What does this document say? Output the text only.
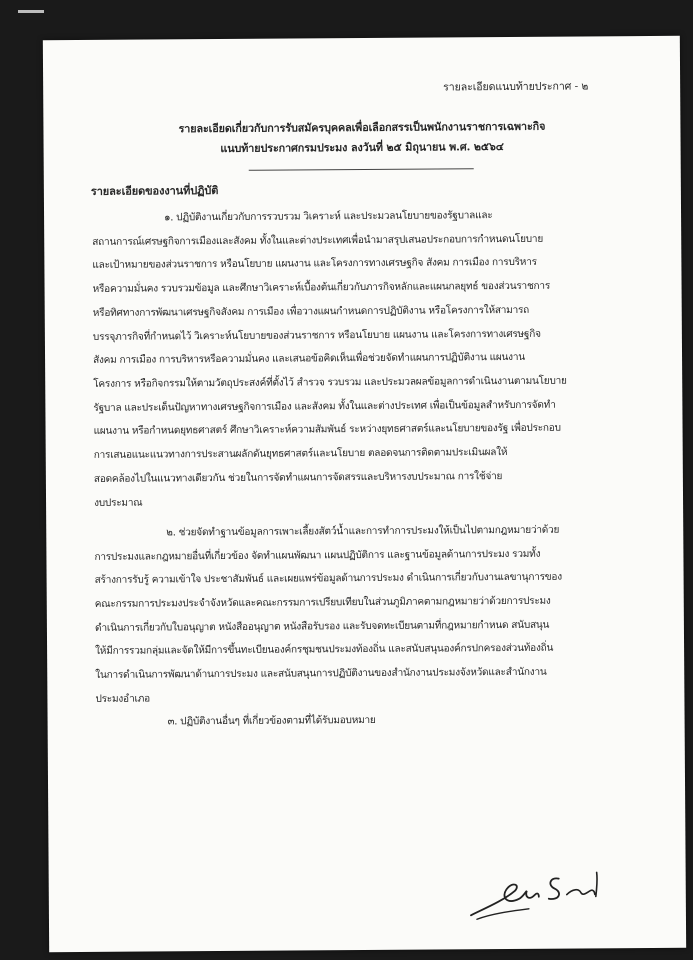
รายละเอียดแนบท้ายประกาศ - ๒
รายละเอียดเกี่ยวกับการรับสมัครบุคคลเพื่อเลือกสรรเป็นพนักงานราชการเฉพาะกิจ
แนบท้ายประกาศกรมประมง ลงวันที่ ๒๕ มิถุนายน พ.ศ. ๒๕๖๔
รายละเอียดของงานที่ปฏิบัติ
๑. ปฏิบัติงานเกี่ยวกับการรวบรวม วิเคราะห์ และประมวลนโยบายของรัฐบาลและ
สถานการณ์เศรษฐกิจการเมืองและสังคม ทั้งในและต่างประเทศเพื่อนำมาสรุปเสนอประกอบการกำหนดนโยบาย
และเป้าหมายของส่วนราชการ หรือนโยบาย แผนงาน และโครงการทางเศรษฐกิจ สังคม การเมือง การบริหาร
หรือความมั่นคง รวบรวมข้อมูล และศึกษาวิเคราะห์เบื้องต้นเกี่ยวกับภารกิจหลักและแผนกลยุทธ์ ของส่วนราชการ
หรือทิศทางการพัฒนาเศรษฐกิจสังคม การเมือง เพื่อวางแผนกำหนดการปฏิบัติงาน หรือโครงการให้สามารถ
บรรจุภารกิจที่กำหนดไว้ วิเคราะห์นโยบายของส่วนราชการ หรือนโยบาย แผนงาน และโครงการทางเศรษฐกิจ
สังคม การเมือง การบริหารหรือความมั่นคง และเสนอข้อคิดเห็นเพื่อช่วยจัดทำแผนการปฏิบัติงาน แผนงาน
โครงการ หรือกิจกรรมให้ตามวัตถุประสงค์ที่ตั้งไว้ สำรวจ รวบรวม และประมวลผลข้อมูลการดำเนินงานตามนโยบาย
รัฐบาล และประเด็นปัญหาทางเศรษฐกิจการเมือง และสังคม ทั้งในและต่างประเทศ เพื่อเป็นข้อมูลสำหรับการจัดทำ
แผนงาน หรือกำหนดยุทธศาสตร์ ศึกษาวิเคราะห์ความสัมพันธ์ ระหว่างยุทธศาสตร์และนโยบายของรัฐ เพื่อประกอบ
การเสนอแนะแนวทางการประสานผลักดันยุทธศาสตร์และนโยบาย ตลอดจนการติดตามประเมินผลให้
สอดคล้องไปในแนวทางเดียวกัน ช่วยในการจัดทำแผนการจัดสรรและบริหารงบประมาณ การใช้จ่าย
งบประมาณ
๒. ช่วยจัดทำฐานข้อมูลการเพาะเลี้ยงสัตว์น้ำและการทำการประมงให้เป็นไปตามกฎหมายว่าด้วย
การประมงและกฎหมายอื่นที่เกี่ยวข้อง จัดทำแผนพัฒนา แผนปฏิบัติการ และฐานข้อมูลด้านการประมง รวมทั้ง
สร้างการรับรู้ ความเข้าใจ ประชาสัมพันธ์ และเผยแพร่ข้อมูลด้านการประมง ดำเนินการเกี่ยวกับงานเลขานุการของ
คณะกรรมการประมงประจำจังหวัดและคณะกรรมการเปรียบเทียบในส่วนภูมิภาคตามกฎหมายว่าด้วยการประมง
ดำเนินการเกี่ยวกับใบอนุญาต หนังสืออนุญาต หนังสือรับรอง และรับจดทะเบียนตามที่กฎหมายกำหนด สนับสนุน
ให้มีการรวมกลุ่มและจัดให้มีการขึ้นทะเบียนองค์กรชุมชนประมงท้องถิ่น และสนับสนุนองค์กรปกครองส่วนท้องถิ่น
ในการดำเนินการพัฒนาด้านการประมง และสนับสนุนการปฏิบัติงานของสำนักงานประมงจังหวัดและสำนักงาน
ประมงอำเภอ
๓. ปฏิบัติงานอื่นๆ ที่เกี่ยวข้องตามที่ได้รับมอบหมาย
